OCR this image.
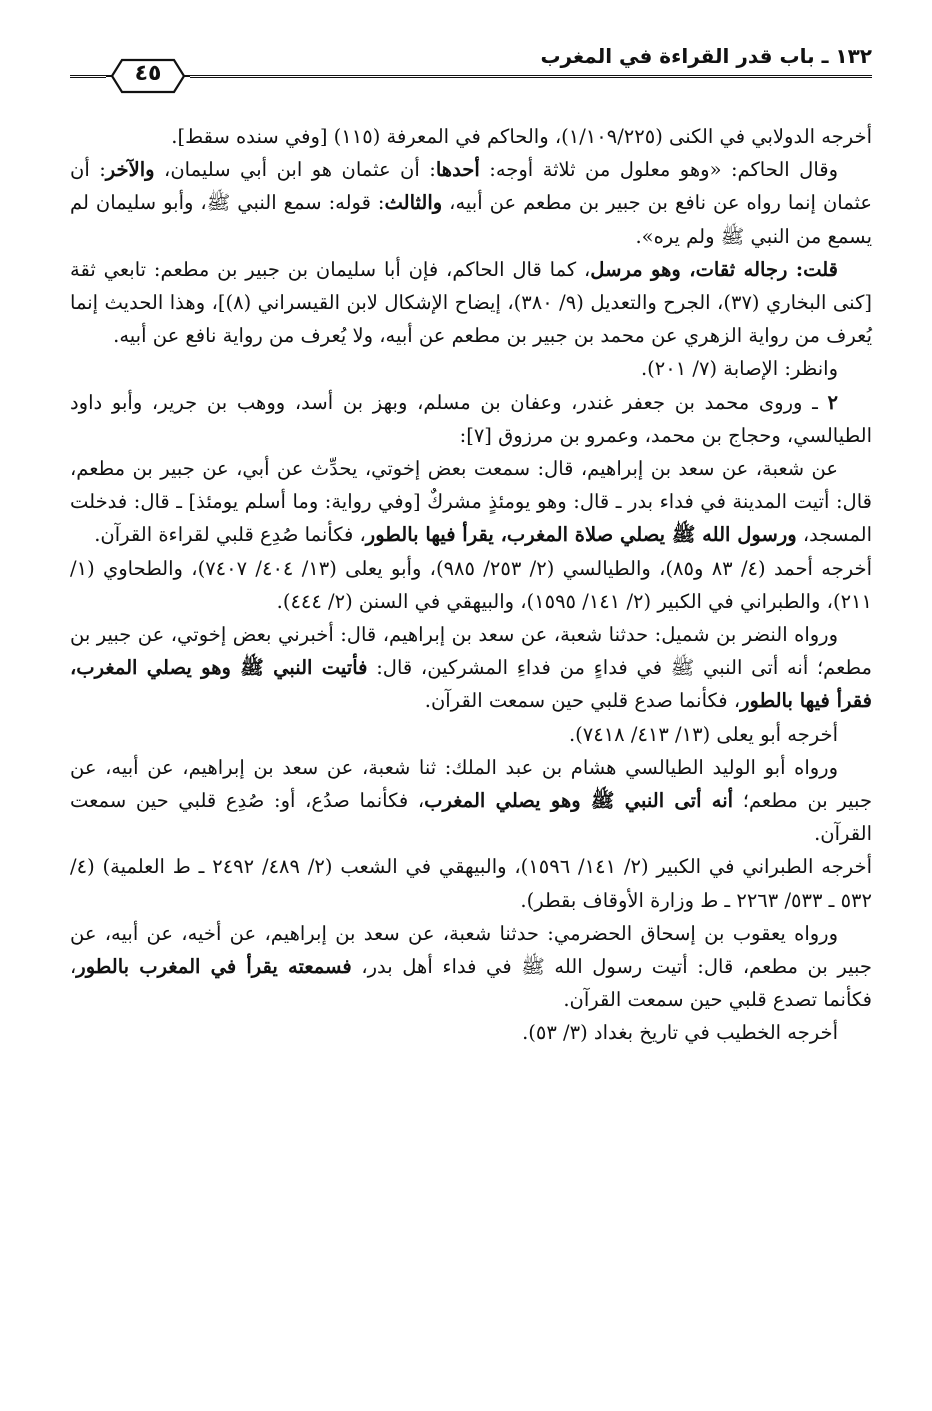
١٣٢ ـ باب قدر القراءة في المغرب
٤٥

أخرجه الدولابي في الكنى (١/١٠٩/٢٢٥)، والحاكم في المعرفة (١١٥) [وفي سنده سقط].

وقال الحاكم: «وهو معلول من ثلاثة أوجه: أحدها: أن عثمان هو ابن أبي سليمان، والآخر: أن عثمان إنما رواه عن نافع بن جبير بن مطعم عن أبيه، والثالث: قوله: سمع النبي ﷺ، وأبو سليمان لم يسمع من النبي ﷺ ولم يره».

قلت: رجاله ثقات، وهو مرسل، كما قال الحاكم، فإن أبا سليمان بن جبير بن مطعم: تابعي ثقة [كنى البخاري (٣٧)، الجرح والتعديل (٩/ ٣٨٠)، إيضاح الإشكال لابن القيسراني (٨)]، وهذا الحديث إنما يُعرف من رواية الزهري عن محمد بن جبير بن مطعم عن أبيه، ولا يُعرف من رواية نافع عن أبيه.

وانظر: الإصابة (٧/ ٢٠١).

٢ ـ وروى محمد بن جعفر غندر، وعفان بن مسلم، وبهز بن أسد، ووهب بن جرير، وأبو داود الطيالسي، وحجاج بن محمد، وعمرو بن مرزوق [٧]:

عن شعبة، عن سعد بن إبراهيم، قال: سمعت بعض إخوتي، يحدِّث عن أبي، عن جبير بن مطعم، قال: أتيت المدينة في فداء بدر ـ قال: وهو يومئذٍ مشركٌ [وفي رواية: وما أسلم يومئذ] ـ قال: فدخلت المسجد، ورسول الله ﷺ يصلي صلاة المغرب، يقرأ فيها بالطور، فكأنما صُدِع قلبي لقراءة القرآن.

أخرجه أحمد (٤/ ٨٣ و٨٥)، والطيالسي (٢/ ٢٥٣/ ٩٨٥)، وأبو يعلى (١٣/ ٤٠٤/ ٧٤٠٧)، والطحاوي (١/ ٢١١)، والطبراني في الكبير (٢/ ١٤١/ ١٥٩٥)، والبيهقي في السنن (٢/ ٤٤٤).

ورواه النضر بن شميل: حدثنا شعبة، عن سعد بن إبراهيم، قال: أخبرني بعض إخوتي، عن جبير بن مطعم؛ أنه أتى النبي ﷺ في فداءٍ من فداءِ المشركين، قال: فأتيت النبي ﷺ وهو يصلي المغرب، فقرأ فيها بالطور، فكأنما صدع قلبي حين سمعت القرآن.

أخرجه أبو يعلى (١٣/ ٤١٣/ ٧٤١٨).

ورواه أبو الوليد الطيالسي هشام بن عبد الملك: ثنا شعبة، عن سعد بن إبراهيم، عن أبيه، عن جبير بن مطعم؛ أنه أتى النبي ﷺ وهو يصلي المغرب، فكأنما صدُع، أو: صُدِع قلبي حين سمعت القرآن.

أخرجه الطبراني في الكبير (٢/ ١٤١/ ١٥٩٦)، والبيهقي في الشعب (٢/ ٤٨٩/ ٢٤٩٢ ـ ط العلمية) (٤/ ٥٣٢ ـ ٥٣٣/ ٢٢٦٣ ـ ط وزارة الأوقاف بقطر).

ورواه يعقوب بن إسحاق الحضرمي: حدثنا شعبة، عن سعد بن إبراهيم، عن أخيه، عن أبيه، عن جبير بن مطعم، قال: أتيت رسول الله ﷺ في فداء أهل بدر، فسمعته يقرأ في المغرب بالطور، فكأنما تصدع قلبي حين سمعت القرآن.

أخرجه الخطيب في تاريخ بغداد (٣/ ٥٣).
